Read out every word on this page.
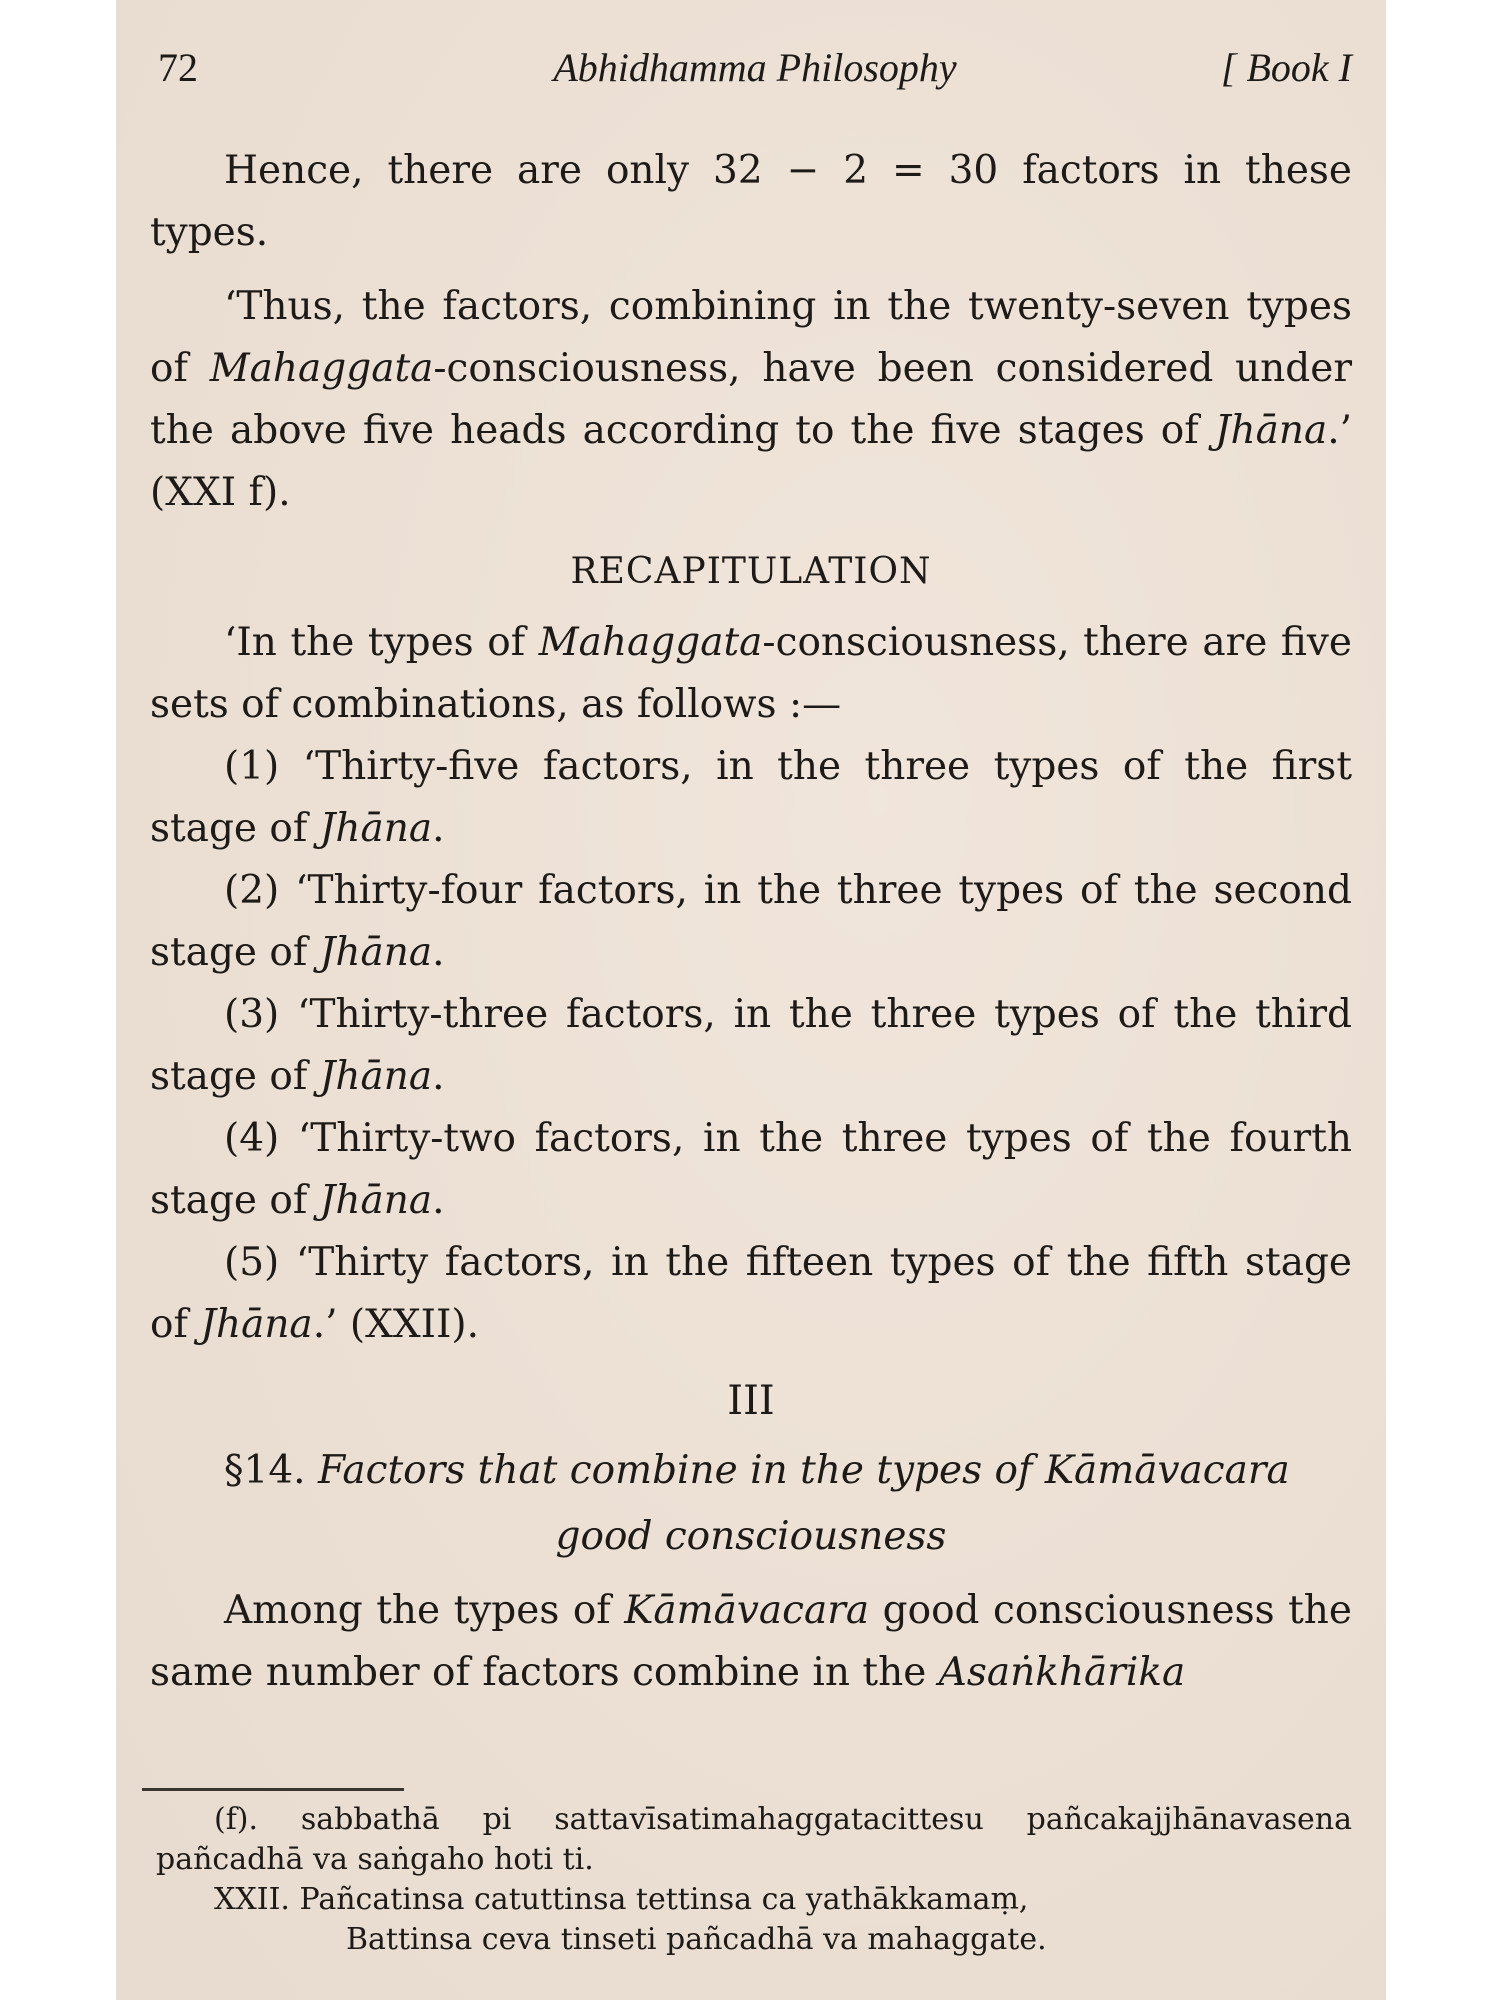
72	Abhidhamma Philosophy	[ Book I

Hence, there are only 32 − 2 = 30 factors in these types.

‘Thus, the factors, combining in the twenty-seven types of Mahaggata-consciousness, have been considered under the above five heads according to the five stages of Jhāna.’ (XXI f).

RECAPITULATION

‘In the types of Mahaggata-consciousness, there are five sets of combinations, as follows :—

(1) ‘Thirty-five factors, in the three types of the first stage of Jhāna.

(2) ‘Thirty-four factors, in the three types of the second stage of Jhāna.

(3) ‘Thirty-three factors, in the three types of the third stage of Jhāna.

(4) ‘Thirty-two factors, in the three types of the fourth stage of Jhāna.

(5) ‘Thirty factors, in the fifteen types of the fifth stage of Jhāna.’ (XXII).

III

§14. Factors that combine in the types of Kāmāvacara

good consciousness

Among the types of Kāmāvacara good consciousness the same number of factors combine in the Asaṅkhārika

(f). sabbathā pi sattavīsatimahaggatacittesu pañcakajjhānavasena pañcadhā va saṅgaho hoti ti.

XXII. Pañcatinsa catuttinsa tettinsa ca yathākkamaṃ,

Battinsa ceva tinseti pañcadhā va mahaggate.
